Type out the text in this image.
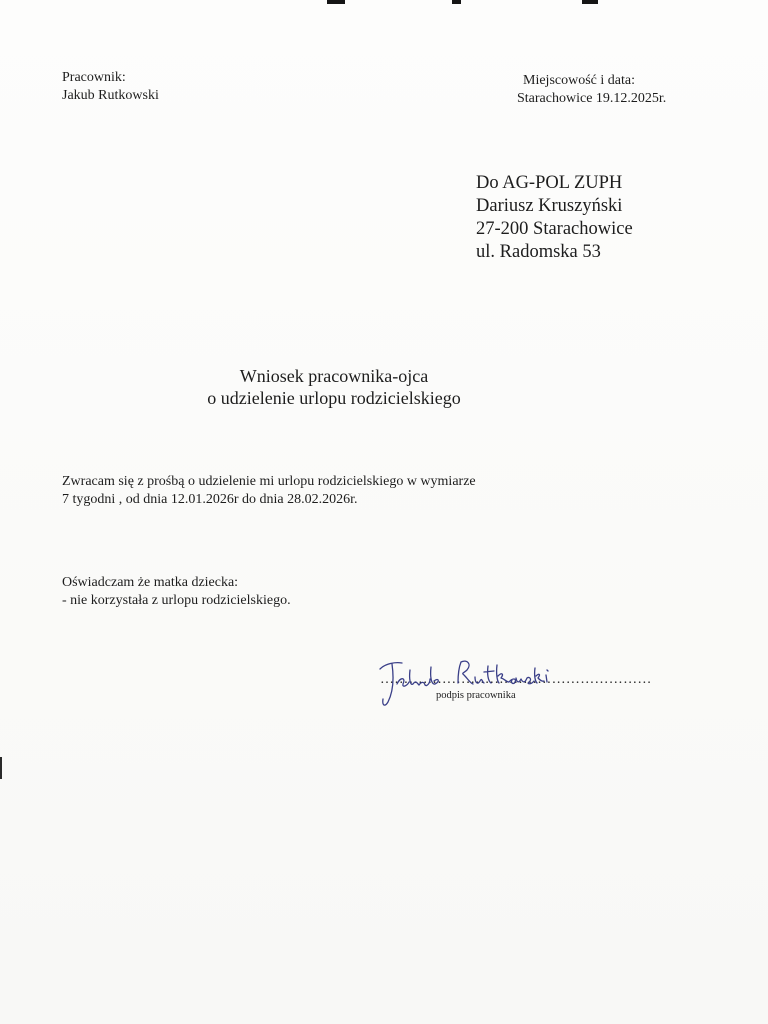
Pracownik:
Jakub Rutkowski
Miejscowość i data:
Starachowice 19.12.2025r.
Do AG-POL ZUPH
Dariusz Kruszyński
27-200 Starachowice
ul. Radomska 53
Wniosek pracownika-ojca
o udzielenie urlopu rodzicielskiego
Zwracam się z prośbą o udzielenie mi urlopu rodzicielskiego w wymiarze
7 tygodni , od dnia 12.01.2026r do dnia 28.02.2026r.
Oświadczam że matka dziecka:
- nie korzystała z urlopu rodzicielskiego.
…………………………………………………
podpis pracownika
